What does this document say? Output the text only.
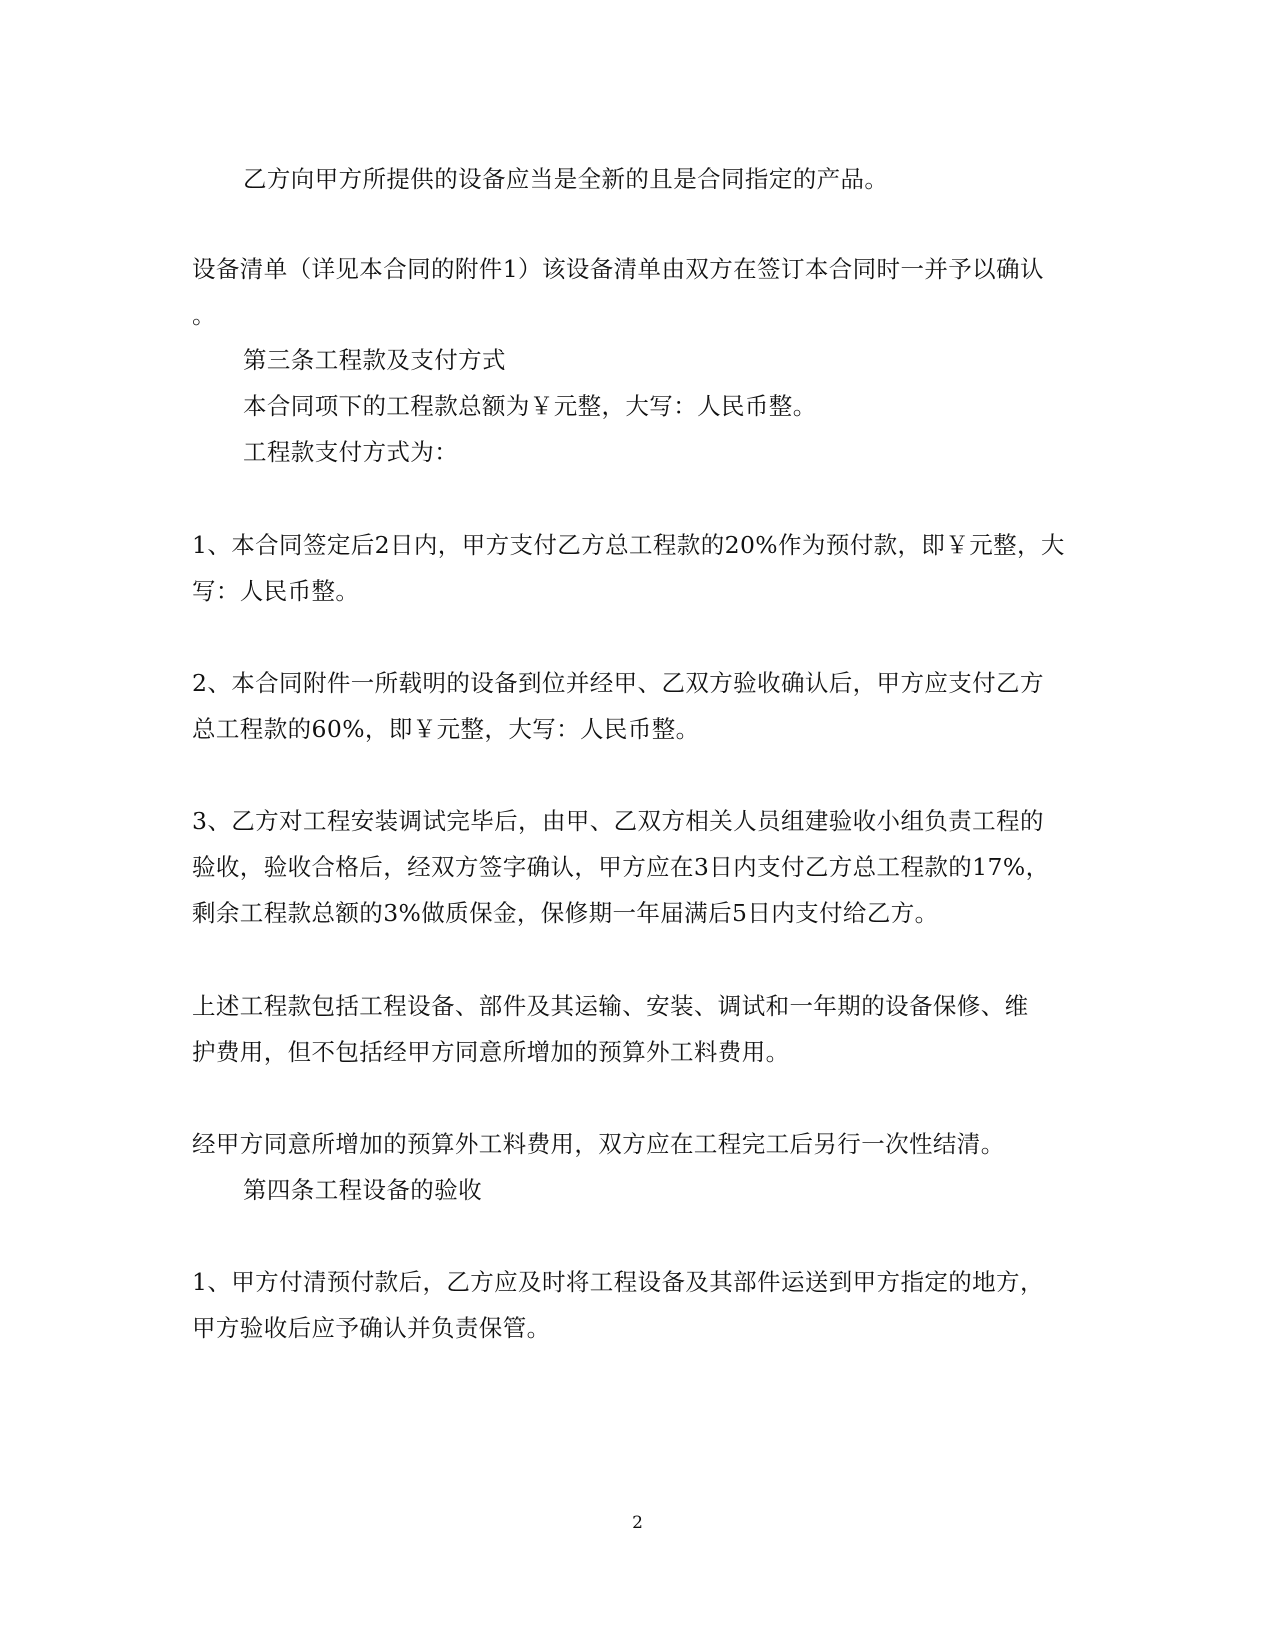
乙方向甲方所提供的设备应当是全新的且是合同指定的产品。
设备清单（详见本合同的附件1）该设备清单由双方在签订本合同时一并予以确认
。
第三条工程款及支付方式
本合同项下的工程款总额为￥元整，大写：人民币整。
工程款支付方式为：
1、本合同签定后2日内，甲方支付乙方总工程款的20%作为预付款，即￥元整，大
写：人民币整。
2、本合同附件一所载明的设备到位并经甲、乙双方验收确认后，甲方应支付乙方
总工程款的60%，即￥元整，大写：人民币整。
3、乙方对工程安装调试完毕后，由甲、乙双方相关人员组建验收小组负责工程的
验收，验收合格后，经双方签字确认，甲方应在3日内支付乙方总工程款的17%，
剩余工程款总额的3%做质保金，保修期一年届满后5日内支付给乙方。
上述工程款包括工程设备、部件及其运输、安装、调试和一年期的设备保修、维
护费用，但不包括经甲方同意所增加的预算外工料费用。
经甲方同意所增加的预算外工料费用，双方应在工程完工后另行一次性结清。
第四条工程设备的验收
1、甲方付清预付款后，乙方应及时将工程设备及其部件运送到甲方指定的地方，
甲方验收后应予确认并负责保管。
2
